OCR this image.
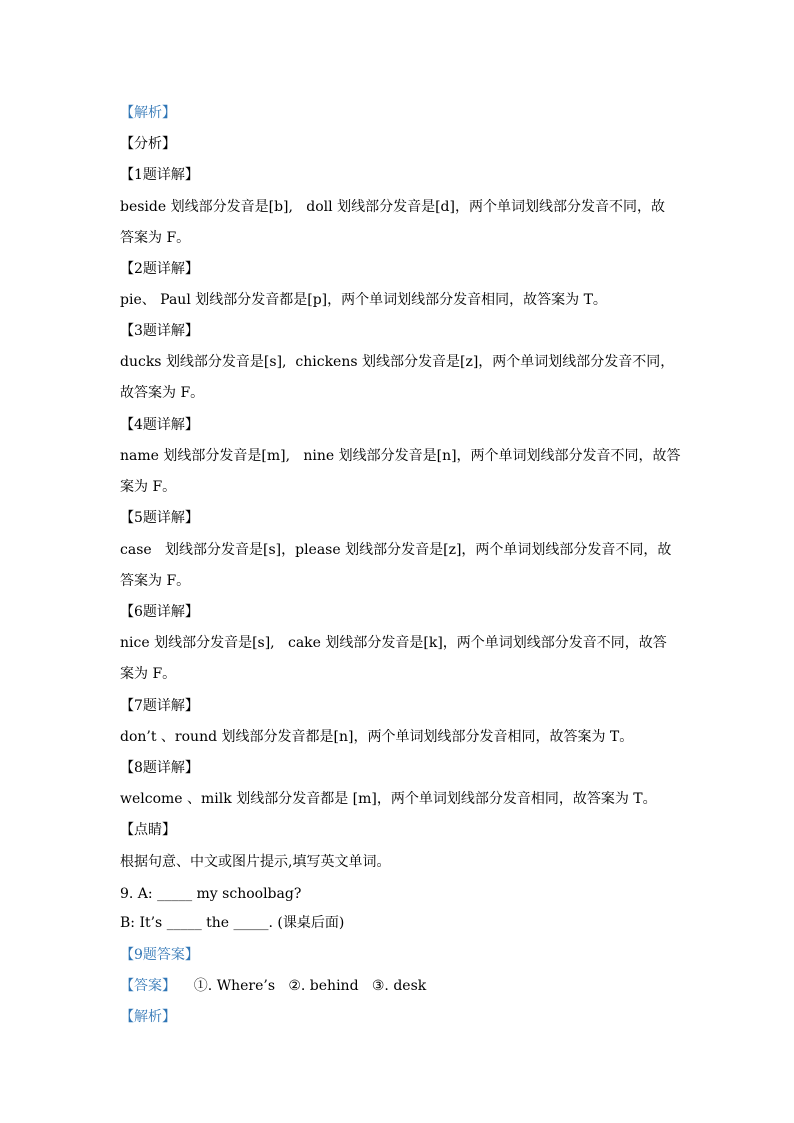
【解析】
【分析】
【1题详解】
beside 划线部分发音是[b],   doll 划线部分发音是[d]，两个单词划线部分发音不同，故
答案为 F。
【2题详解】
pie、 Paul 划线部分发音都是[p]，两个单词划线部分发音相同，故答案为 T。
【3题详解】
ducks 划线部分发音是[s],  chickens 划线部分发音是[z]，两个单词划线部分发音不同，
故答案为 F。
【4题详解】
name 划线部分发音是[m],   nine 划线部分发音是[n]，两个单词划线部分发音不同，故答
案为 F。
【5题详解】
case   划线部分发音是[s]，please 划线部分发音是[z]，两个单词划线部分发音不同，故
答案为 F。
【6题详解】
nice 划线部分发音是[s],   cake 划线部分发音是[k]，两个单词划线部分发音不同，故答
案为 F。
【7题详解】
don’t 、round 划线部分发音都是[n]，两个单词划线部分发音相同，故答案为 T。
【8题详解】
welcome 、milk 划线部分发音都是 [m]，两个单词划线部分发音相同，故答案为 T。
【点睛】
根据句意、中文或图片提示,填写英文单词。
9. A: _____ my schoolbag?
B: It’s _____ the _____. (课桌后面)
【9题答案】
【答案】    ①. Where’s   ②. behind   ③. desk
【解析】
